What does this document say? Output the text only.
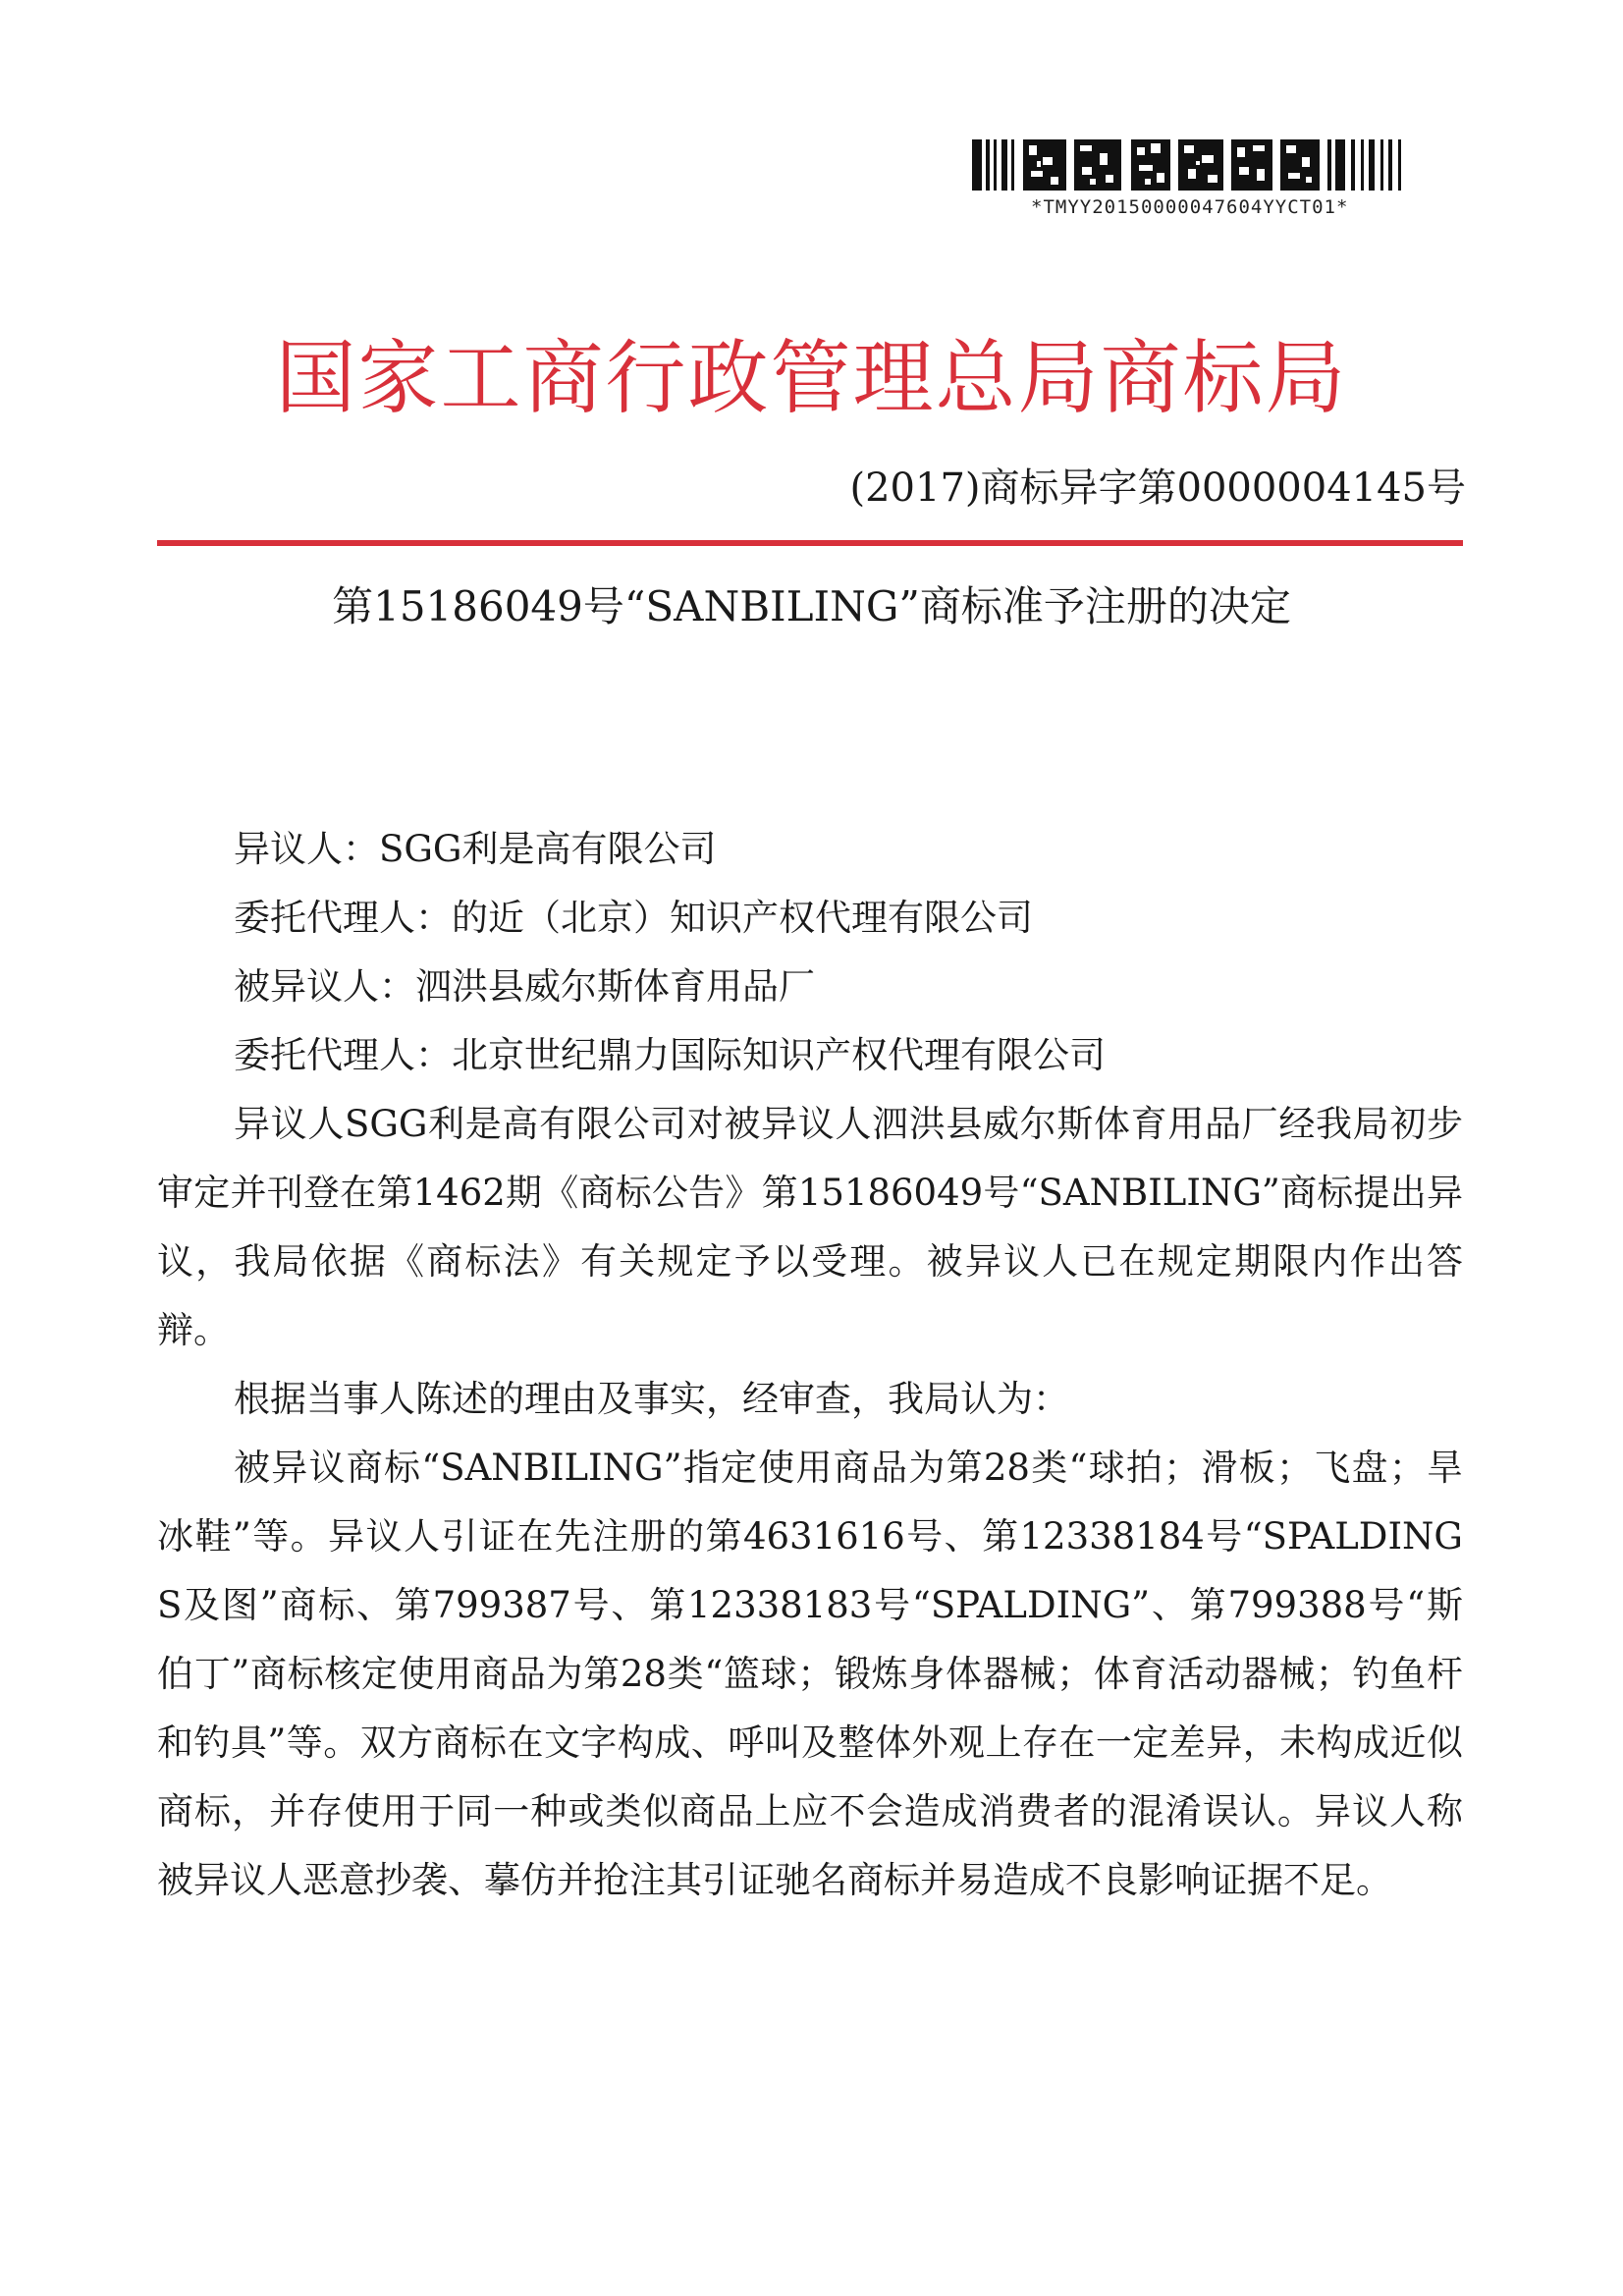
*TMYY20150000047604YYCT01*
国家工商行政管理总局商标局
(2017)商标异字第0000004145号
第15186049号“SANBILING”商标准予注册的决定

异议人：SGG利是高有限公司

委托代理人：的近（北京）知识产权代理有限公司

被异议人：泗洪县威尔斯体育用品厂

委托代理人：北京世纪鼎力国际知识产权代理有限公司

异议人SGG利是高有限公司对被异议人泗洪县威尔斯体育用品厂经我局初步审定并刊登在第1462期《商标公告》第15186049号“SANBILING”商标提出异议，我局依据《商标法》有关规定予以受理。被异议人已在规定期限内作出答辩。

根据当事人陈述的理由及事实，经审查，我局认为：

被异议商标“SANBILING”指定使用商品为第28类“球拍；滑板；飞盘；旱冰鞋”等。异议人引证在先注册的第4631616号、第12338184号“SPALDING S及图”商标、第799387号、第12338183号“SPALDING”、第799388号“斯伯丁”商标核定使用商品为第28类“篮球；锻炼身体器械；体育活动器械；钓鱼杆和钓具”等。双方商标在文字构成、呼叫及整体外观上存在一定差异，未构成近似商标，并存使用于同一种或类似商品上应不会造成消费者的混淆误认。异议人称被异议人恶意抄袭、摹仿并抢注其引证驰名商标并易造成不良影响证据不足。
